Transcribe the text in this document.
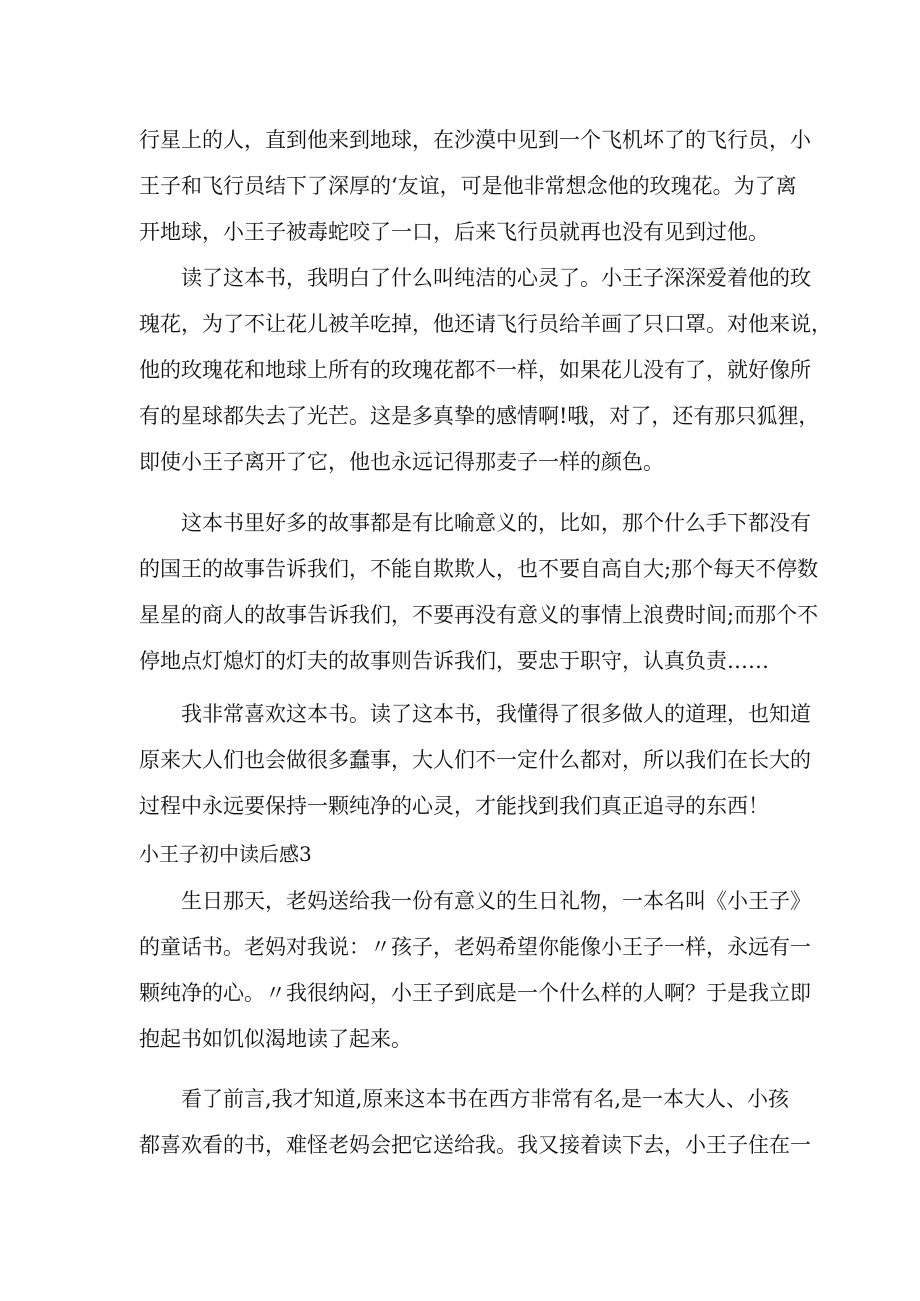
行星上的人，直到他来到地球，在沙漠中见到一个飞机坏了的飞行员，小
王子和飞行员结下了深厚的‘友谊，可是他非常想念他的玫瑰花。为了离
开地球，小王子被毒蛇咬了一口，后来飞行员就再也没有见到过他。
读了这本书，我明白了什么叫纯洁的心灵了。小王子深深爱着他的玫
瑰花，为了不让花儿被羊吃掉，他还请飞行员给羊画了只口罩。对他来说，
他的玫瑰花和地球上所有的玫瑰花都不一样，如果花儿没有了，就好像所
有的星球都失去了光芒。这是多真挚的感情啊!哦，对了，还有那只狐狸，
即使小王子离开了它，他也永远记得那麦子一样的颜色。
这本书里好多的故事都是有比喻意义的，比如，那个什么手下都没有
的国王的故事告诉我们，不能自欺欺人，也不要自高自大;那个每天不停数
星星的商人的故事告诉我们，不要再没有意义的事情上浪费时间;而那个不
停地点灯熄灯的灯夫的故事则告诉我们，要忠于职守，认真负责……
我非常喜欢这本书。读了这本书，我懂得了很多做人的道理，也知道
原来大人们也会做很多蠢事，大人们不一定什么都对，所以我们在长大的
过程中永远要保持一颗纯净的心灵，才能找到我们真正追寻的东西！
小王子初中读后感3
生日那天，老妈送给我一份有意义的生日礼物，一本名叫《小王子》
的童话书。老妈对我说：〃孩子，老妈希望你能像小王子一样，永远有一
颗纯净的心。〃我很纳闷，小王子到底是一个什么样的人啊？于是我立即
抱起书如饥似渴地读了起来。
看了前言,我才知道,原来这本书在西方非常有名,是一本大人、小孩
都喜欢看的书，难怪老妈会把它送给我。我又接着读下去，小王子住在一
